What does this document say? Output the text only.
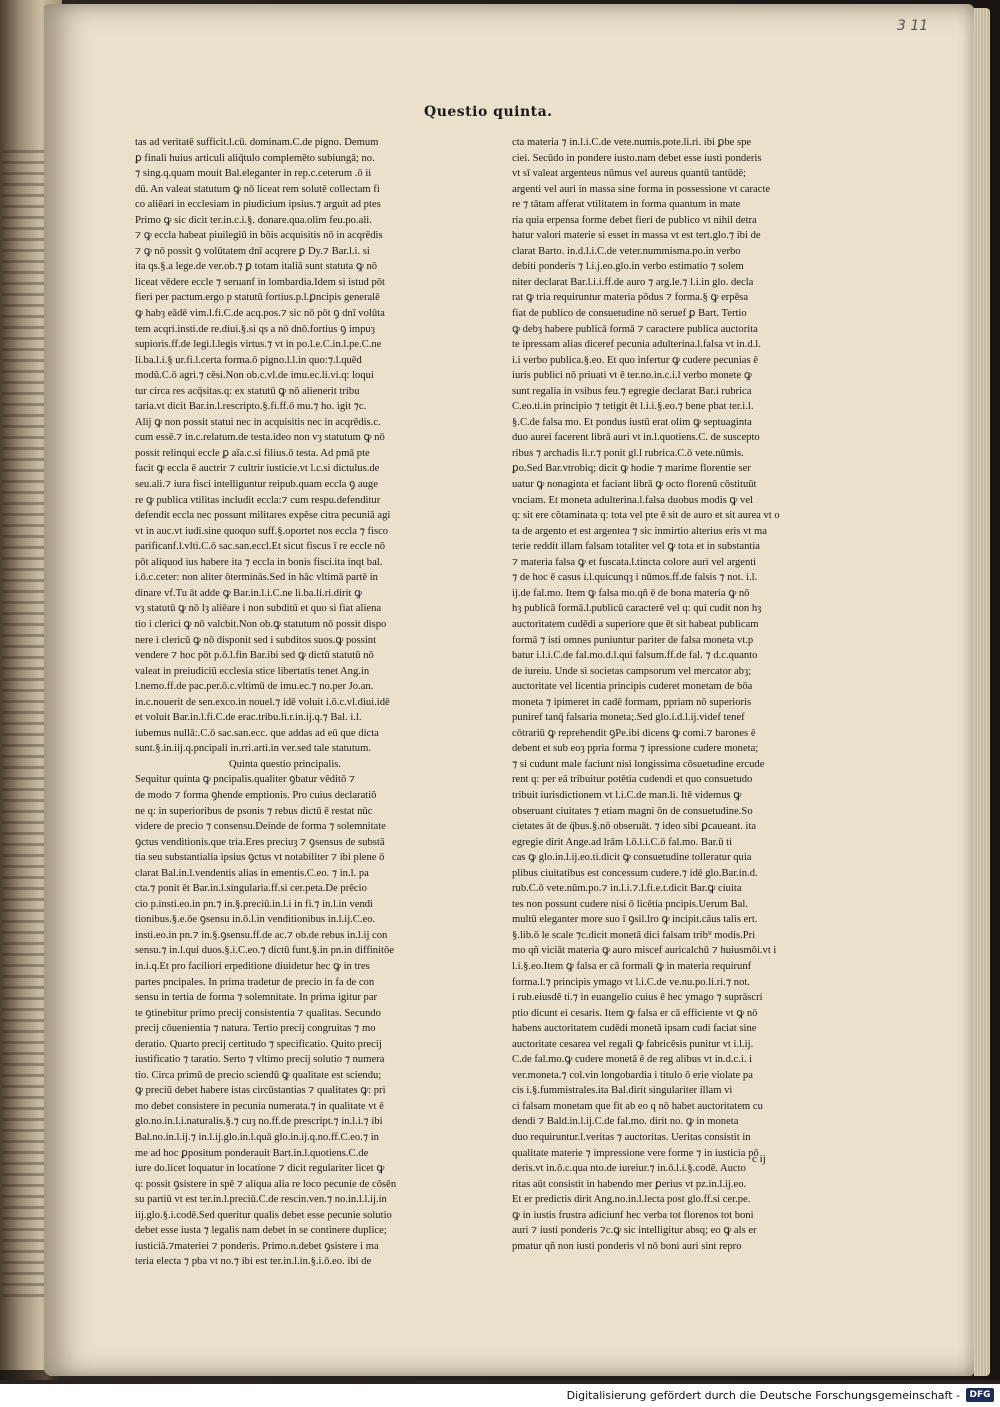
3 11
Questio quinta.
tas ad veritatē sufficit.l.cū. dominam.C.de pigno. Demum
ꝑ finali huius articuli aliq̄tulo complemēto subiungā; no.
⁊ sing.q.quam mouit Bal.eleganter in rep.c.ceterum .ō ii
dū. An valeat statutum ꝙ nō liceat rem solutē collectam fi
co aliēari in ecclesiam in piudicium ipsius.⁊ arguit ad ptes
Primo ꝙ sic dicit ter.in.c.i.§. donare.qua.olim feu.po.ali.
⁊ ꝙ eccla habeat piuilegiū in bōis acquisitis nō in acqrēdis
⁊ ꝙ nō possit ꝯ volūtatem dnī acqrere ꝑ Dy.⁊ Bar.l.i. si
ita qs.§.a lege.de ver.ob.⁊ ꝑ totam italiā sunt statuta ꝙ nō
liceat vēdere eccle ⁊ seruanf in lombardia.Idem si istud pōt
fieri per pactum.ergo p statutū fortius.p.l.ꝑncipis generalē
ꝙ habȝ eādē vim.l.fi.C.de acq.pos.⁊ sic nō pōt ꝯ dnī volūta
tem acqri.insti.de re.diui.§.si qs a nō dnō.fortius ꝯ impuȝ
supioris.ff.de legi.l.legis virtus.⁊ vt in po.l.e.C.in.l.pe.C.ne
li.ba.l.i.§ ur.fi.l.certa forma.ō pigno.l.l.in quo:⁊.l.quēd
modū.C.ō agri.⁊ cēsi.Non ob.c.vl.de imu.ec.li.vi.q: loqui
tur circa res acq̄sitas.q: ex statutū ꝙ nō alienerit tribu
taria.vt dicit Bar.in.l.rescripto.§.fi.ff.ō mu.⁊ ho. igit ⁊c.
Alij ꝙ non possit statui nec in acquisitis nec in acqrēdis.c.
cum essē.⁊ in.c.relatum.de testa.ideo non vȝ statutum ꝙ nō
possit relinqui eccle ꝑ aīa.c.si filius.ō testa. Ad pmā pte
facit ꝙ eccla ē auctrir ⁊ cultrir iusticie.vt l.c.si dictulus.de
seu.ali.⁊ iura fisci intelliguntur reipub.quam eccla ꝯ auge
re ꝙ publica vtilitas includit eccla:⁊ cum respu.defenditur
defendit eccla nec possunt militares expēse citra pecuniā agi
vt in auc.vt iudi.sine quoquo suff.§.oportet nos eccla ⁊ fisco
parificanf.l.vlti.C.ō sac.san.eccl.Et sicut fiscus ī re eccle nō
pōt aliquod ius habere ita ⁊ eccla in bonis fisci.ita inqt bal.
i.ō.c.ceter: non aliter ōterminās.Sed in hāc vltimā partē in
dinare vf.Tu āt adde ꝙ Bar.in.l.i.C.ne li.ba.li.ri.dirit ꝙ
vȝ statutū ꝙ nō lȝ aliēare i non subditū et quo si fiat aliena
tio i clerici ꝙ nō valcbit.Non ob.ꝙ statutum nō possit dispo
nere i clericū ꝙ nō disponit sed i subditos suos.ꝙ possint
vendere ⁊ hoc pōt p.ō.l.fin Bar.ibi sed ꝙ dictū statutū nō
valeat in preiudiciū ecclesia stice libertatis tenet Ang.in
l.nemo.ff.de pac.per.ō.c.vltimū de imu.ec.⁊ no.per Jo.an.
in.c.nouerit de sen.exco.in nouel.⁊ idē voluit i.ō.c.vl.diui.idē
et voluit Bar.in.l.fi.C.de erac.tribu.li.r.in.ij.q.⁊ Bal. i.l.
iubemus nullā:.C.ō sac.san.ecc. que addas ad eū que dicta
sunt.§.in.iij.q.pncipali in.rri.arti.in ver.sed tale statutum.
Quinta questio principalis.
Sequitur quinta ꝙ pncipalis.qualiter ꝯbatur vēditō ⁊
de modo ⁊ forma ꝯhende emptionis. Pro cuius declaratiō
ne q: in superioribus de psonis ⁊ rebus dictū ē restat nūc
videre de precio ⁊ consensu.Deinde de forma ⁊ solemnitate
ꝯctus venditionis.que tria.Eres preciuȝ ⁊ ꝯsensus de substā
tia seu substantialia ipsius ꝯctus vt notabiliter ⁊ ibi plene ō
clarat Bal.in.l.vendentis alias in ementis.C.eo. ⁊ in.l. pa
cta.⁊ ponit ēt Bar.in.l.singularia.ff.si cer.peta.De prēcio
cio p.insti.eo.in pn.⁊ in.§.preciū.in.l.i in fi.⁊ in.l.in vendi
tionibus.§.e.ōe ꝯsensu in.ō.l.in venditionibus in.l.ij.C.eo.
insti.eo.in pn.⁊ in.§.ꝯsensu.ff.de ac.⁊ ob.de rebus in.l.ij con
sensu.⁊ in.l.qui duos.§.i.C.eo.⁊ dictū funt.§.in pn.in diffinitōe
in.i.q.Et pro faciliori erpeditione diuidetur hec ꝙ in tres
partes pncipales. In prima tradetur de precio in fa de con
sensu in tertia de forma ⁊ solemnitate. In prima igitur par
te ꝯtinebitur primo precij consistentia ⁊ qualitas. Secundo
precij cōuenientia ⁊ natura. Tertio precij congruitas ⁊ mo
deratio. Quarto precij certitudo ⁊ specificatio. Quito precij
iustificatio ⁊ taratio. Serto ⁊ vltimo precij solutio ⁊ numera
tio. Circa primū de precio sciendū ꝙ qualitate est sciendu;
ꝙ preciū debet habere istas circūstantias ⁊ qualitates ꝙ: pri
mo debet consistere in pecunia numerata.⁊ in qualitate vt ē
glo.no.in.l.i.naturalis.§.⁊ cuȝ no.ff.de prescript.⁊ in.l.i.⁊ ibi
Bal.no.in.l.ij.⁊ in.l.ij.glo.in.l.quā glo.in.ij.q.no.ff.C.eo.⁊ in
me ad hoc ꝑpositum ponderauit Bart.in.l.quotiens.C.de
iure do.licet loquatur in locatione ⁊ dicit regulariter licet ꝙ
q: possit ꝯsistere in spē ⁊ aliqua alia re loco pecunie de cōsēn
su partiū vt est ter.in.l.preciū.C.de rescin.ven.⁊ no.in.l.l.ij.in
iij.glo.§.i.codē.Sed queritur qualis debet esse pecunie solutio
debet esse iusta ⁊ legalis nam debet in se continere duplice;
iusticiā.⁊materiei ⁊ ponderis. Primo.n.debet ꝯsistere i ma
teria electa ⁊ pba vt no.⁊ ibi est ter.in.l.in.§.i.ō.eo. ibi de
cta materia ⁊ in.l.i.C.de vete.numis.pote.li.ri. ibi ꝑbe spe
ciei. Secūdo in pondere iusto.nam debet esse iusti ponderis
vt sī valeat argenteus nūmus vel aureus quantū tantūdē;
argenti vel auri in massa sine forma in possessione vt caracte
re ⁊ tātam afferat vtilitatem in forma quantum in mate
ria quia erpensa forme debet fieri de publico vt nihil detra
hatur valori materie si esset in massa vt est tert.glo.⁊ ibi de
clarat Barto. in.d.l.i.C.de veter.nummisma.po.in verbo
debiti ponderis ⁊ l.i.j.eo.glo.in verbo estimatio ⁊ solem
niter declarat Bar.l.i.i.ff.de auro ⁊ arg.le.⁊ l.i.in glo. decla
rat ꝙ tria requiruntur materia pōdus ⁊ forma.§ ꝙ erpēsa
fiat de publico de consuetudine nō seruef ꝑ Bart. Tertio
ꝙ debȝ habere publicā formā ⁊ caractere publica auctorita
te ipressam alias diceref pecunia adulterina.l.falsa vt in.d.l.
i.i verbo publica.§.eo. Et quo infertur ꝙ cudere pecunias ē
iuris publici nō priuati vt ē ter.no.in.c.i.l verbo monete ꝙ
sunt regalia in vsibus feu.⁊ egregie declarat Bar.i rubrica
C.eo.ti.in principio ⁊ tetigit ēt l.i.i.§.eo.⁊ bene pbat ter.i.l.
§.C.de falsa mo. Et pondus iustū erat olim ꝙ septuaginta
duo aurei facerent librā auri vt in.l.quotiens.C. de suscepto
ribus ⁊ archadis li.r.⁊ ponit gl.l rubrica.C.ō vete.nūmis.
ꝑo.Sed Bar.vtrobiq; dicit ꝙ hodie ⁊ marime florentie ser
uatur ꝙ nonaginta et faciant librā ꝙ octo florenū cōstituūt
vnciam. Et moneta adulterina.l.falsa duobus modis ꝙ vel
q: sit ere cōtaminata q: tota vel pte ē sit de auro et sit aurea vt o
ta de argento et est argentea ⁊ sic inmirtio alterius eris vt ma
terie reddit illam falsam totaliter vel ꝙ tota et in substantia
⁊ materia falsa ꝙ et fuscata.l.tincta colore auri vel argenti
⁊ de hoc ē casus i.l.quicunqȝ i nūmos.ff.de falsis ⁊ not. i.l.
ij.de fal.mo. Item ꝙ falsa mo.qñ ē de bona materia ꝙ nō
hȝ publicā formā.l.publicū caracterē vel q: qui cudit non hȝ
auctoritatem cudēdi a superiore que ēt sit habeat publicam
formā ⁊ isti omnes puniuntur pariter de falsa moneta vt.p
batur i.l.i.C.de fal.mo.d.l.qui falsum.ff.de fal. ⁊ d.c.quanto
de iureiu. Unde si societas campsorum vel mercator abȝ;
auctoritate vel licentia principis cuderet monetam de bōa
moneta ⁊ ipimeret in cadē formam, ppriam nō superioris
puniref tanq̄ falsaria moneta;.Sed glo.i.d.l.ij.videf tenef
cōtrariū ꝙ reprehendit ꝯPe.ibi dicens ꝙ comi.⁊ barones ē
debent et sub eoȝ ppria forma ⁊ ipressione cudere moneta;
⁊ si cudunt male faciunt nisi longissima cōsuetudine ercude
rent q: per eā tribuitur potētia cudendi et quo consuetudo
tribuit iurisdictionem vt l.i.C.de man.li. Itē videmus ꝙ
obseruant ciuitates ⁊ etiam magni ōn de consuetudine.So
cietates āt de q̄bus.§.nō obseruāt. ⁊ ideo sibi ꝑcaueant. ita
egregie dirit Ange.ad lrām l.ō.l.i.C.ō fal.mo. Bar.ū ti
cas ꝙ glo.in.l.ij.eo.ti.dicit ꝙ consuetudine tolleratur quia
plibus ciuitatibus est concessum cudere.⁊ idē glo.Bar.in.d.
rub.C.ō vete.nūm.po.⁊ in.l.i.⁊.l.fi.e.t.dicit Bar.ꝙ ciuita
tes non possunt cudere nisi ō licētia pncipis.Uerum Bal.
multū eleganter more suo ī ꝯsil.lro ꝙ incipit.cāus talis ert.
§.lib.ō le scale ⁊c.dicit monetā dici falsam trib⁹ modis.Pri
mo qñ viciāt materia ꝙ auro miscef auricalchū ⁊ huiusmōi.vt i
l.i.§.eo.Item ꝙ falsa er cā formali ꝙ in materia requirunf
forma.l.⁊ principis ymago vt l.i.C.de ve.nu.po.li.ri.⁊ not.
i rub.eiusdē ti.⁊ in euangelio cuius ē hec ymago ⁊ suprāscri
ptio dicunt ei cesaris. Item ꝙ falsa er cā efficiente vt ꝙ nō
habens auctoritatem cudēdi monetā ipsam cudi faciat sine
auctoritate cesarea vel regali ꝙ fabricēsis punitur vt i.l.ij.
C.de fal.mo.ꝙ cudere monetā ē de reg alibus vt in.d.c.i. i
ver.moneta.⁊ col.vin longobardia i titulo ō erie violate pa
cis i.§.fummistrales.ita Bal.dirit singulariter illam vi
ci falsam monetam que fit ab eo q nō habet auctoritatem cu
dendi ⁊ Bald.in.l.ij.C.de fal.mo. dirit no. ꝙ in moneta
duo requiruntur.l.veritas ⁊ auctoritas. Ueritas consistit in
qualitate materie ⁊ impressione vere forme ⁊ in iusticia pō
deris.vt in.ō.c.qua nto.de iureiur.⁊ in.ō.l.i.§.codē. Aucto
ritas aūt consistit in habendo mer ꝑerius vt pz.in.l.ij.eo.
Et er predictis dirit Ang.no.in.l.lecta post glo.ff.si cer.pe.
ꝙ in iustis frustra adiciunf hec verba tot florenos tot boni
auri ⁊ iusti ponderis ⁊c.ꝙ sic intelligitur absq; eo ꝙ als er
pmatur qñ non iusti ponderis vl nō boni auri sint repro
c ij
Digitalisierung gefördert durch die Deutsche Forschungsgemeinschaft -	DFG
